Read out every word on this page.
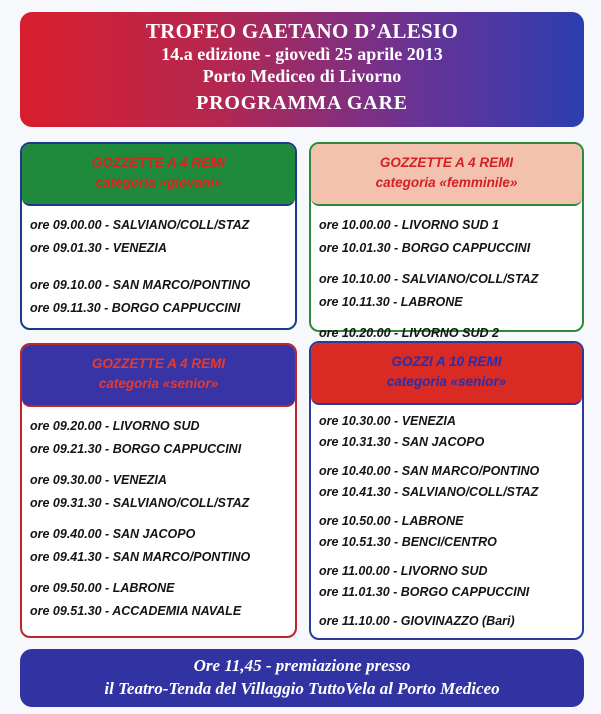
TROFEO GAETANO D’ALESIO
14.a edizione - giovedì 25 aprile 2013
Porto Mediceo di Livorno
PROGRAMMA GARE
GOZZETTE A 4 REMI
categoria «giovani»
ore 09.00.00 - SALVIANO/COLL/STAZ
ore 09.01.30 - VENEZIA
ore 09.10.00 - SAN MARCO/PONTINO
ore 09.11.30 - BORGO CAPPUCCINI
GOZZETTE A 4 REMI
categoria «femminile»
ore 10.00.00 - LIVORNO SUD 1
ore 10.01.30 - BORGO CAPPUCCINI
ore 10.10.00 - SALVIANO/COLL/STAZ
ore 10.11.30 - LABRONE
ore 10.20.00 - LIVORNO SUD 2
GOZZETTE A 4 REMI
categoria «senior»
ore 09.20.00 - LIVORNO SUD
ore 09.21.30 - BORGO CAPPUCCINI
ore 09.30.00 - VENEZIA
ore 09.31.30 - SALVIANO/COLL/STAZ
ore 09.40.00 - SAN JACOPO
ore 09.41.30 - SAN MARCO/PONTINO
ore 09.50.00 - LABRONE
ore 09.51.30 - ACCADEMIA NAVALE
GOZZI A 10 REMI
categoria «senior»
ore 10.30.00 - VENEZIA
ore 10.31.30 - SAN JACOPO
ore 10.40.00 - SAN MARCO/PONTINO
ore 10.41.30 - SALVIANO/COLL/STAZ
ore 10.50.00 - LABRONE
ore 10.51.30 - BENCI/CENTRO
ore 11.00.00 - LIVORNO SUD
ore 11.01.30 - BORGO CAPPUCCINI
ore 11.10.00 - GIOVINAZZO (Bari)
Ore 11,45 - premiazione presso
il Teatro-Tenda del Villaggio TuttoVela al Porto Mediceo
